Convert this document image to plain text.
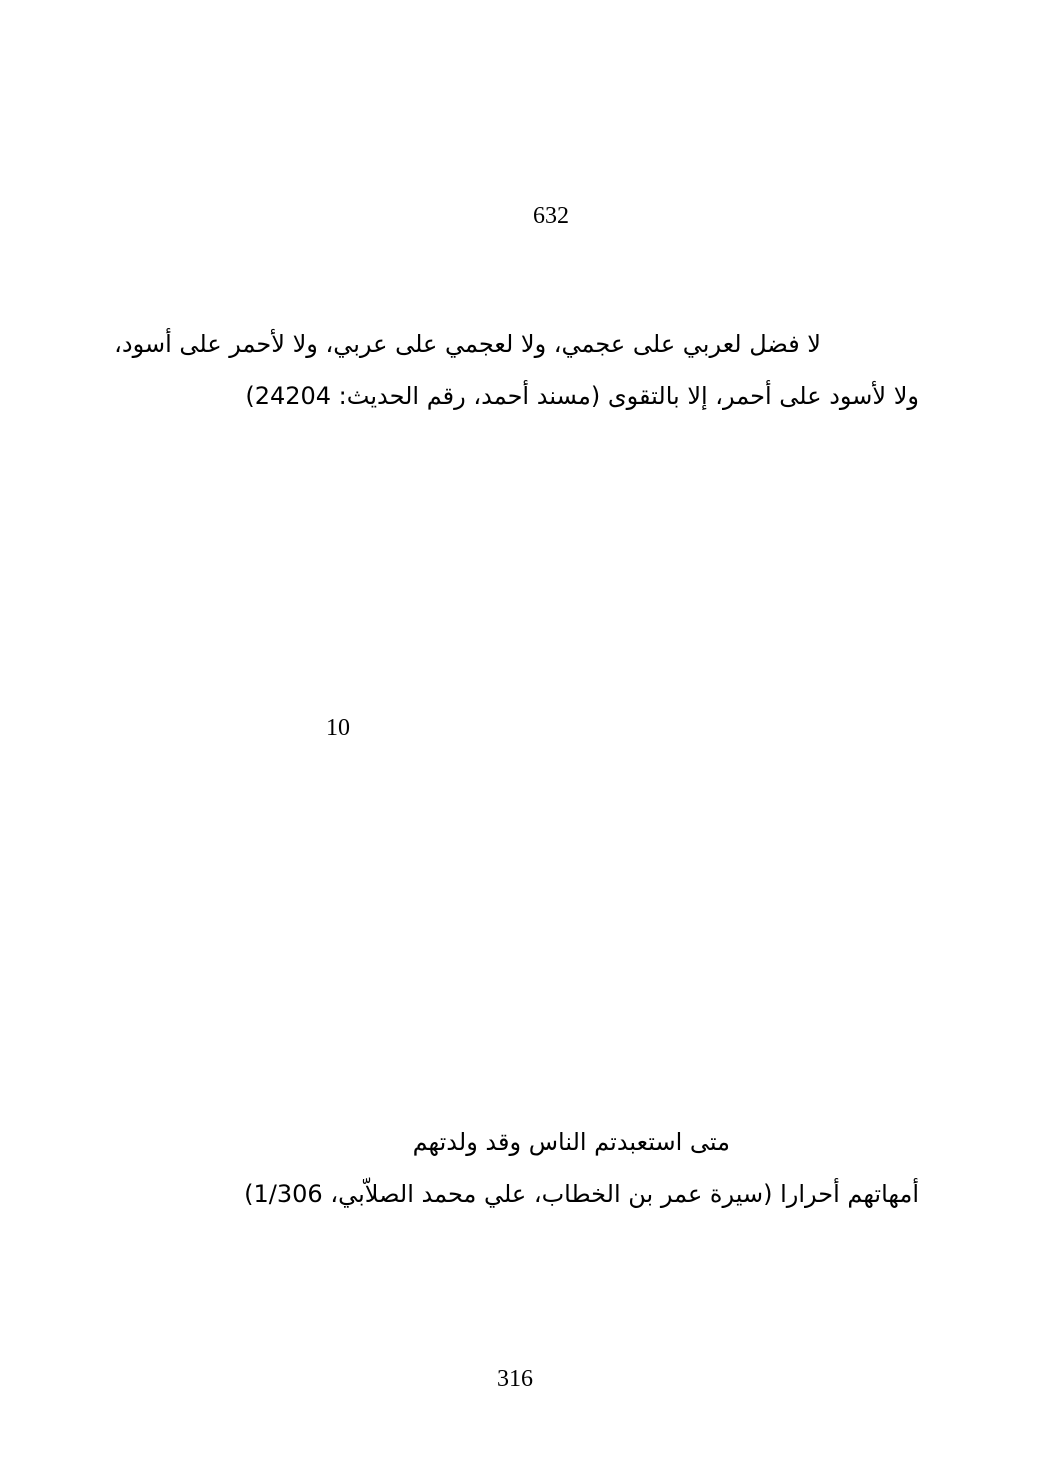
632
لا فضل لعربي على عجمي، ولا لعجمي على عربي، ولا لأحمر على أسود،
ولا لأسود على أحمر، إلا بالتقوى (مسند أحمد، رقم الحديث: 24204)
10
متى استعبدتم الناس وقد ولدتهم
أمهاتهم أحرارا (سيرة عمر بن الخطاب، علي محمد الصلاّبي، 1/306)
316
